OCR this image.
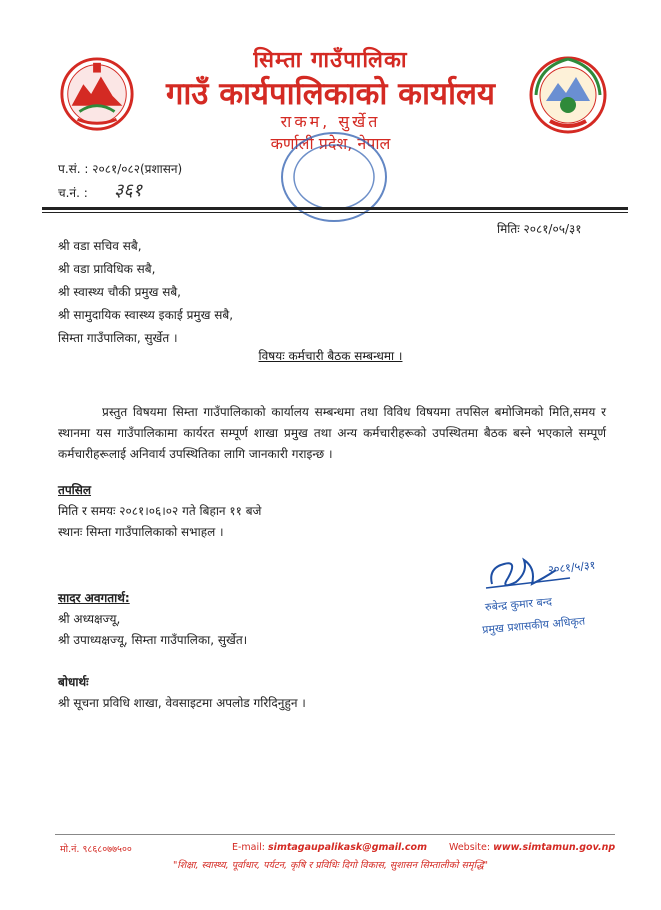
सिम्ता गाउँपालिका
गाउँ कार्यपालिकाको कार्यालय
राकम, सुर्खेत
कर्णाली प्रदेश, नेपाल
प.सं. : २०८१/०८२(प्रशासन)
च.नं. : ३६१
मितिः २०८१/०५/३१
श्री वडा सचिव सबै,
श्री वडा प्राविधिक सबै,
श्री स्वास्थ्य चौकी प्रमुख सबै,
श्री सामुदायिक स्वास्थ्य इकाई प्रमुख सबै,
सिम्ता गाउँपालिका, सुर्खेत ।
विषयः कर्मचारी बैठक सम्बन्धमा ।
प्रस्तुत विषयमा सिम्ता गाउँपालिकाको कार्यालय सम्बन्धमा तथा विविध विषयमा तपसिल बमोजिमको मिति,समय र स्थानमा यस गाउँपालिकामा कार्यरत सम्पूर्ण शाखा प्रमुख तथा अन्य कर्मचारीहरूको उपस्थितमा बैठक बस्ने भएकाले सम्पूर्ण कर्मचारीहरूलाई अनिवार्य उपस्थितिका लागि जानकारी गराइन्छ ।
तपसिल
मिति र समयः २०८१।०६।०२ गते बिहान ११ बजे
स्थानः सिम्ता गाउँपालिकाको सभाहल ।
२०८१/५/३१
रुबेन्द्र कुमार बन्द
प्रमुख प्रशासकीय अधिकृत
सादर अवगतार्थ:
श्री अध्यक्षज्यू,
श्री उपाध्यक्षज्यू, सिम्ता गाउँपालिका, सुर्खेत।
बोधार्थः
श्री सूचना प्रविधि शाखा, वेवसाइटमा अपलोड गरिदिनुहुन ।
मो.नं. ९८६८०७७५००	E-mail: simtagaupalikask@gmail.com Website: www.simtamun.gov.np
"शिक्षा, स्वास्थ्य, पूर्वाधार, पर्यटन, कृषि र प्रविधिः दिगो विकास, सुशासन सिम्तालीको समृद्धि"
